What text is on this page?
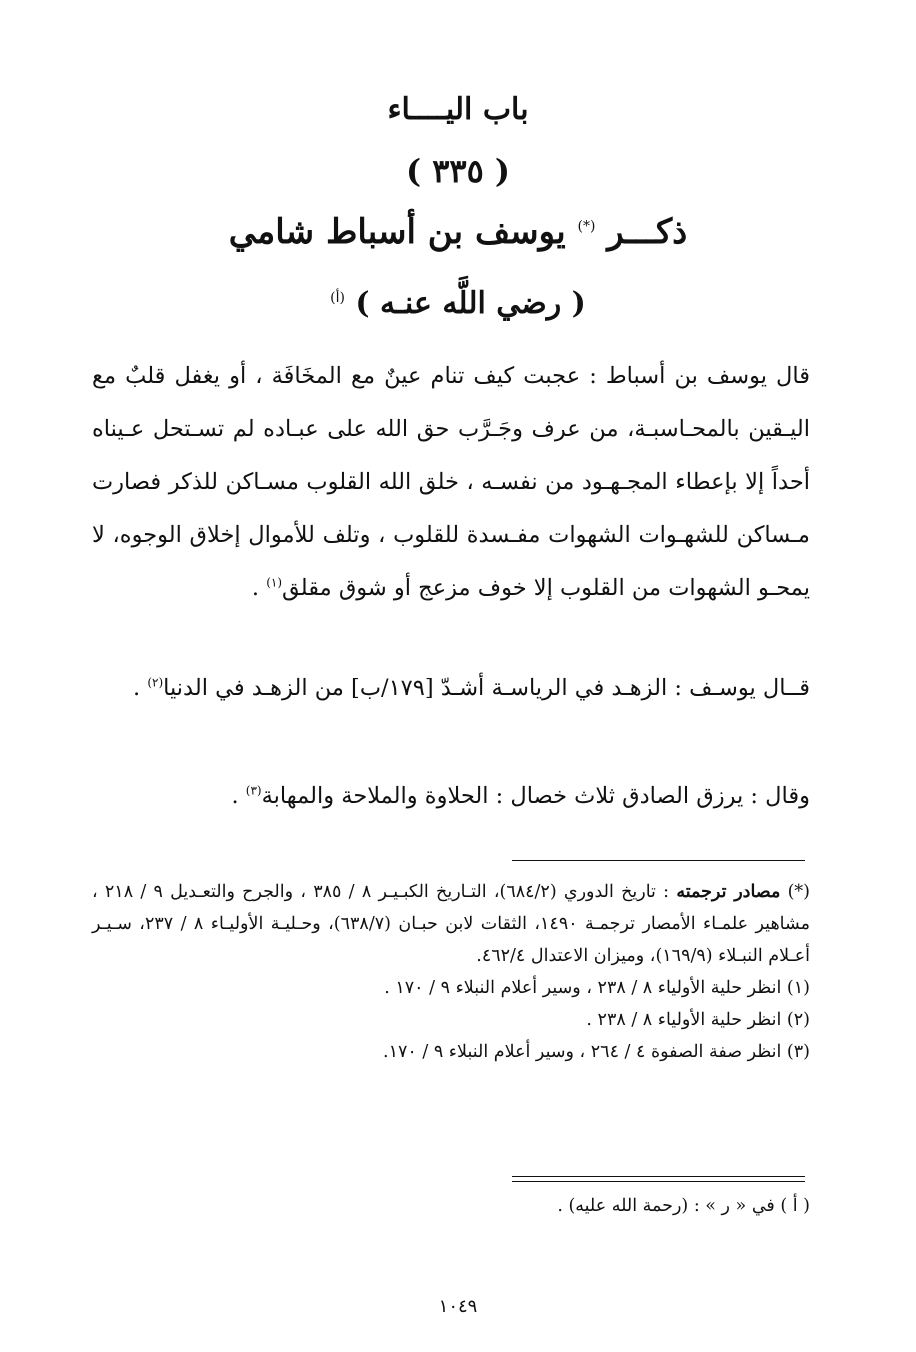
باب اليــــاء
( ٣٣٥ )
ذكـــر (*) يوسف بن أسباط شامي
( رضي اللَّه عنـه ) $^{(أ)}$

قال يوسف بن أسباط : عجبت كيف تنام عينٌ مع المخَافَة ، أو يغفل قلبٌ مع اليـقين بالمحـاسبـة، من عرف وجَـرَّب حق الله على عبـاده لم تسـتحل عـيناه أحداً إلا بإعطاء المجـهـود من نفسـه ، خلق الله القلوب مسـاكن للذكر فصارت مـساكن للشهـوات الشهوات مفـسدة للقلوب ، وتلف للأموال إخلاق الوجوه، لا يمحـو الشهوات من القلوب إلا خوف مزعج أو شوق مقلق$^{(١)}$ .

قــال يوسـف : الزهـد في الرياسـة أشـدّ [١٧٩/ب] من الزهـد في الدنيا$^{(٢)}$ .

وقال : يرزق الصادق ثلاث خصال : الحلاوة والملاحة والمهابة$^{(٣)}$ .

(*) مصادر ترجمته : تاريخ الدوري (٦٨٤/٢)، التـاريخ الكبـيـر ٨ / ٣٨٥ ، والجرح والتعـديل ٩ / ٢١٨ ، مشاهير علمـاء الأمصار ترجمـة ١٤٩٠، الثقات لابن حبـان (٦٣٨/٧)، وحـليـة الأوليـاء ٨ / ٢٣٧، سـيـر أعـلام النبـلاء (١٦٩/٩)، وميزان الاعتدال ٤٦٢/٤.

(١) انظر حلية الأولياء ٨ / ٢٣٨ ، وسير أعلام النبلاء ٩ / ١٧٠ .

(٢) انظر حلية الأولياء ٨ / ٢٣٨ .

(٣) انظر صفة الصفوة ٤ / ٢٦٤ ، وسير أعلام النبلاء ٩ / ١٧٠.

( أ ) في « ر » : (رحمة الله عليه) .
١٠٤٩
